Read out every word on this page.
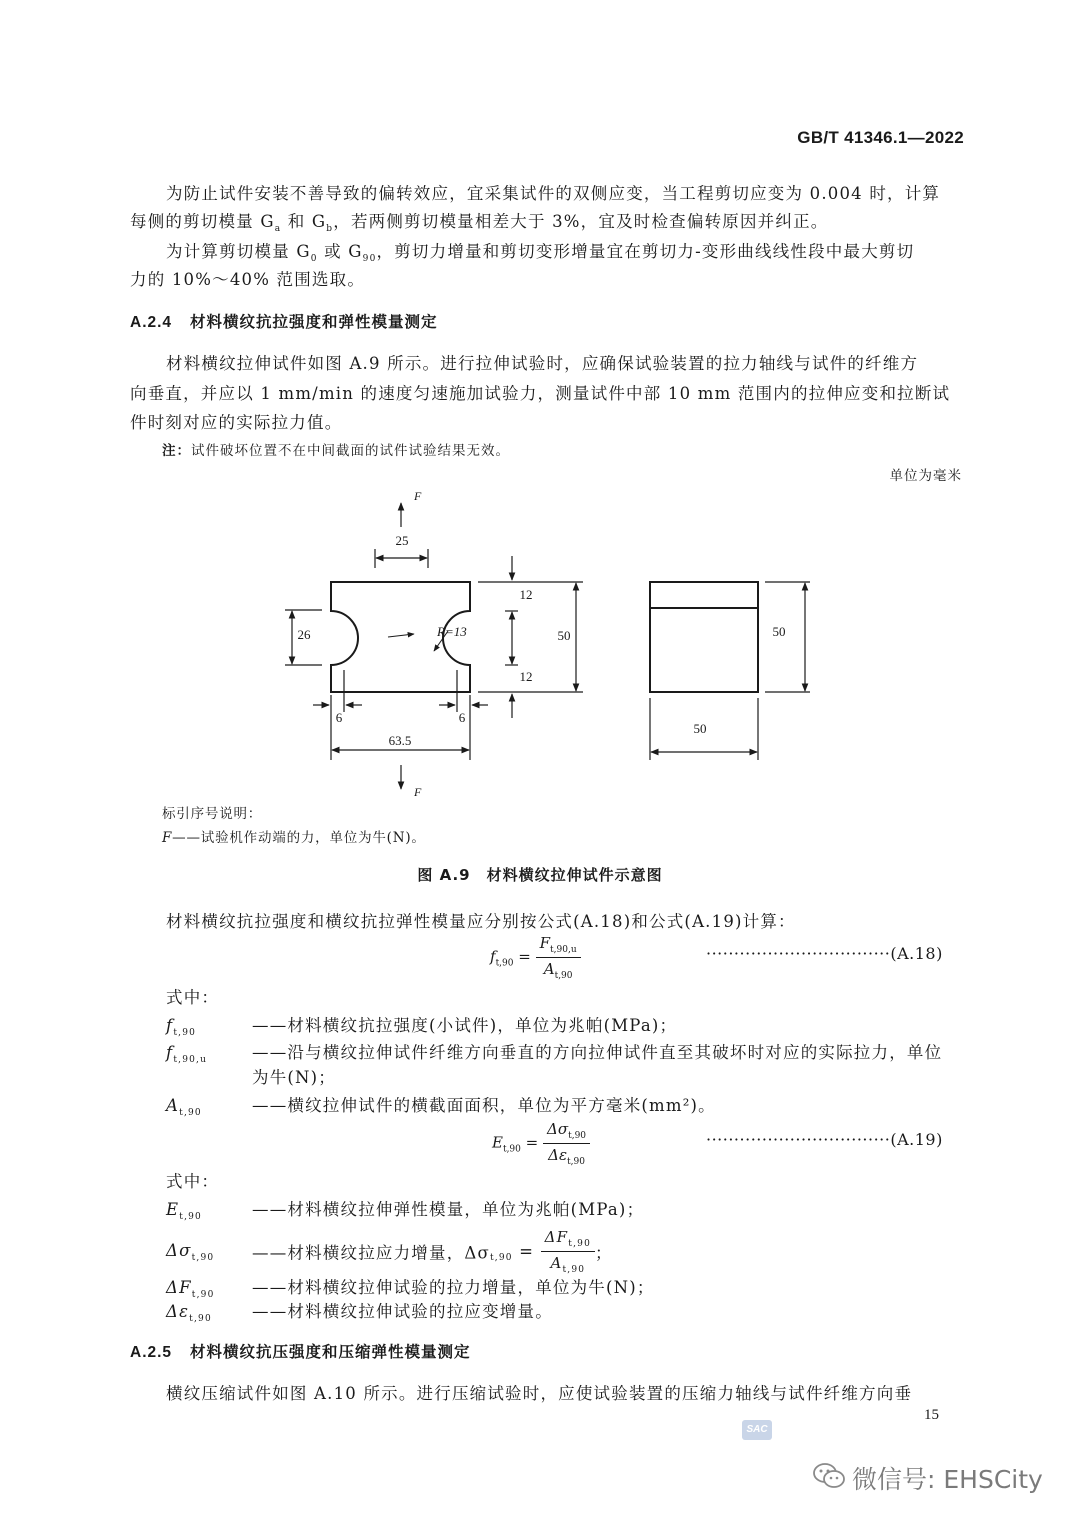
GB/T 41346.1—2022
为防止试件安装不善导致的偏转效应，宜采集试件的双侧应变，当工程剪切应变为 0.004 时，计算
每侧的剪切模量 $G_a$ 和 $G_b$，若两侧剪切模量相差大于 3%，宜及时检查偏转原因并纠正。
为计算剪切模量 $G_0$ 或 $G_{90}$，剪切力增量和剪切变形增量宜在剪切力-变形曲线线性段中最大剪切
力的 10%～40% 范围选取。
A.2.4 材料横纹抗拉强度和弹性模量测定
材料横纹拉伸试件如图 A.9 所示。进行拉伸试验时，应确保试验装置的拉力轴线与试件的纤维方
向垂直，并应以 1 mm/min 的速度匀速施加试验力，测量试件中部 10 mm 范围内的拉伸应变和拉断试
件时刻对应的实际拉力值。
注：试件破坏位置不在中间截面的试件试验结果无效。
单位为毫米
F
25
26	R=13
12
50
12
6	6
63.5
F
50
50
标引序号说明：
F——试验机作动端的力，单位为牛(N)。
图 A.9　材料横纹拉伸试件示意图
材料横纹抗拉强度和横纹抗拉弹性模量应分别按公式(A.18)和公式(A.19)计算：
$f_{t,90} = \frac{F_{t,90,u}}{A_{t,90}}$	·································(A.18)
式中：
$f_{t,90}$	——材料横纹抗拉强度(小试件)，单位为兆帕(MPa)；
$f_{t,90,u}$	——沿与横纹拉伸试件纤维方向垂直的方向拉伸试件直至其破坏时对应的实际拉力，单位
为牛(N)；
$A_{t,90}$	——横纹拉伸试件的横截面面积，单位为平方毫米(mm²)。
$E_{t,90} = \frac{\Delta\sigma_{t,90}}{\Delta\varepsilon_{t,90}}$	·································(A.19)
式中：
$E_{t,90}$	——材料横纹拉伸弹性模量，单位为兆帕(MPa)；
$\Delta\sigma_{t,90}$ ——材料横纹拉应力增量，$\Delta\sigma_{t,90} = \frac{\Delta F_{t,90}}{A_{t,90}}$ ；
$\Delta F_{t,90}$ ——材料横纹拉伸试验的拉力增量，单位为牛(N)；
$\Delta\varepsilon_{t,90}$ ——材料横纹拉伸试验的拉应变增量。
A.2.5 材料横纹抗压强度和压缩弹性模量测定
横纹压缩试件如图 A.10 所示。进行压缩试验时，应使试验装置的压缩力轴线与试件纤维方向垂
15
SAC
微信号: EHSCity
